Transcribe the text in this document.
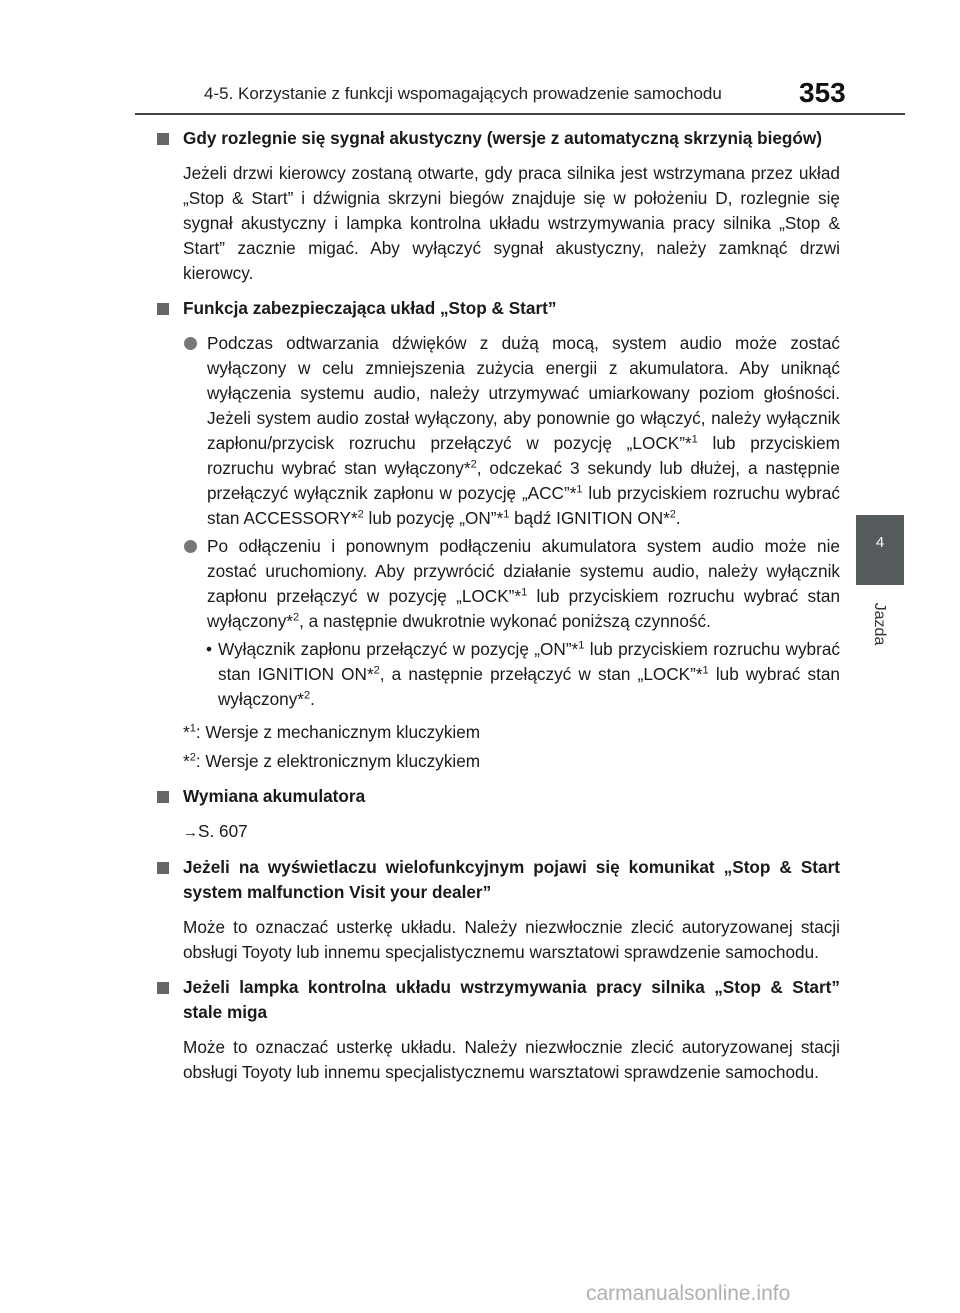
4-5. Korzystanie z funkcji wspomagających prowadzenie samochodu	353
4
Jazda
Gdy rozlegnie się sygnał akustyczny (wersje z automatyczną skrzynią biegów)
Jeżeli drzwi kierowcy zostaną otwarte, gdy praca silnika jest wstrzymana przez układ „Stop & Start” i dźwignia skrzyni biegów znajduje się w położeniu D, rozlegnie się sygnał akustyczny i lampka kontrolna układu wstrzymywania pracy silnika „Stop & Start” zacznie migać. Aby wyłączyć sygnał akustyczny, należy zamknąć drzwi kierowcy.
Funkcja zabezpieczająca układ „Stop & Start”
Podczas odtwarzania dźwięków z dużą mocą, system audio może zostać wyłączony w celu zmniejszenia zużycia energii z akumulatora. Aby uniknąć wyłączenia systemu audio, należy utrzymywać umiarkowany poziom głośności. Jeżeli system audio został wyłączony, aby ponownie go włączyć, należy wyłącznik zapłonu/przycisk rozruchu przełączyć w pozycję „LOCK”*$^1$ lub przyciskiem rozruchu wybrać stan wyłączony*$^2$, odczekać 3 sekundy lub dłużej, a następnie przełączyć wyłącznik zapłonu w pozycję „ACC”*$^1$ lub przyciskiem rozruchu wybrać stan ACCESSORY*$^2$ lub pozycję „ON”*$^1$ bądź IGNITION ON*$^2$.
Po odłączeniu i ponownym podłączeniu akumulatora system audio może nie zostać uruchomiony. Aby przywrócić działanie systemu audio, należy wyłącznik zapłonu przełączyć w pozycję „LOCK”*$^1$ lub przyciskiem rozruchu wybrać stan wyłączony*$^2$, a następnie dwukrotnie wykonać poniższą czynność.
• Wyłącznik zapłonu przełączyć w pozycję „ON”*$^1$ lub przyciskiem rozruchu wybrać stan IGNITION ON*$^2$, a następnie przełączyć w stan „LOCK”*$^1$ lub wybrać stan wyłączony*$^2$.
*$^1$: Wersje z mechanicznym kluczykiem
*$^2$: Wersje z elektronicznym kluczykiem
Wymiana akumulatora
→S. 607
Jeżeli na wyświetlaczu wielofunkcyjnym pojawi się komunikat „Stop & Start system malfunction Visit your dealer”
Może to oznaczać usterkę układu. Należy niezwłocznie zlecić autoryzowanej stacji obsługi Toyoty lub innemu specjalistycznemu warsztatowi sprawdzenie samochodu.
Jeżeli lampka kontrolna układu wstrzymywania pracy silnika „Stop & Start” stale miga
Może to oznaczać usterkę układu. Należy niezwłocznie zlecić autoryzowanej stacji obsługi Toyoty lub innemu specjalistycznemu warsztatowi sprawdzenie samochodu.
carmanualsonline.info
